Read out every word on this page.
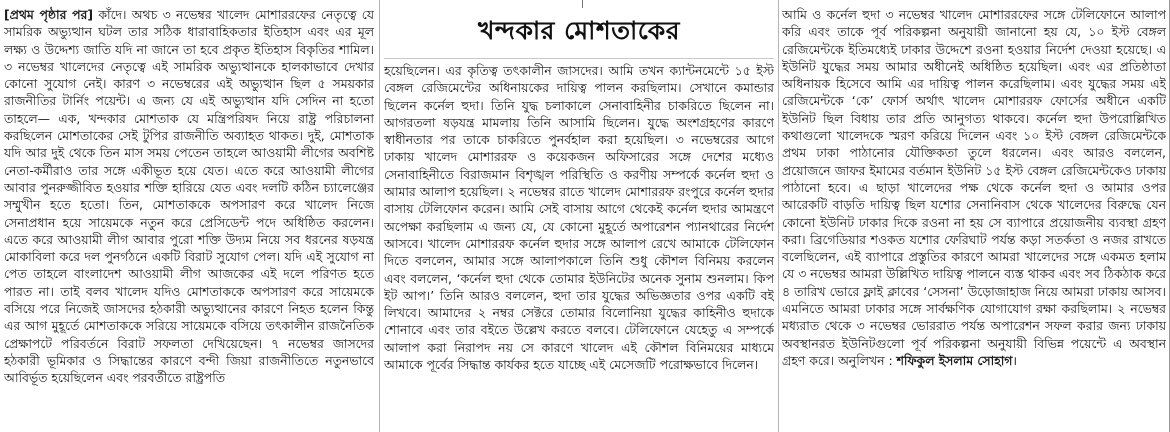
[প্রথম পৃষ্ঠার পর] কাঁদে। অথচ ৩ নভেম্বর খালেদ মোশাররফের নেতৃত্বে যে সামরিক অভ্যুত্থান ঘটল তার সঠিক ধারাবাহিকতার ইতিহাস এবং এর মূল লক্ষ্য ও উদ্দেশ্য জাতি যদি না জানে তা হবে প্রকৃত ইতিহাস বিকৃতির শামিল। ৩ নভেম্বর খালেদের নেতৃত্বে এই সামরিক অভ্যুত্থানকে হালকাভাবে দেখার কোনো সুযোগ নেই। কারণ ৩ নভেম্বরের এই অভ্যুত্থান ছিল ৫ সময়কার রাজনীতির টার্নিং পয়েন্ট। এ জন্য যে এই অভ্যুত্থান যদি সেদিন না হতো তাহলে— এক, খন্দকার মোশতাক যে মন্ত্রিপরিষদ নিয়ে রাষ্ট্র পরিচালনা করছিলেন মোশতাকের সেই টুপির রাজনীতি অব্যাহত থাকত। দুই, মোশতাক যদি আর দুই থেকে তিন মাস সময় পেতেন তাহলে আওয়ামী লীগের অবশিষ্ট নেতা-কর্মীরাও তার সঙ্গে একীভূত হয়ে যেত। এতে করে আওয়ামী লীগের আবার পুনরুজ্জীবিত হওয়ার শক্তি হারিয়ে যেত এবং দলটি কঠিন চ্যালেঞ্জের সম্মুখীন হতে হতো। তিন, মোশতাককে অপসারণ করে খালেদ নিজে সেনাপ্রধান হয়ে সায়েমকে নতুন করে প্রেসিডেন্ট পদে অধিষ্ঠিত করলেন। এতে করে আওয়ামী লীগ আবার পুরো শক্তি উদ্যম নিয়ে সব ধরনের ষড়যন্ত্র মোকাবিলা করে দল পুনর্গঠনে একটি বিরাট সুযোগ পেল। যদি এই সুযোগ না পেত তাহলে বাংলাদেশ আওয়ামী লীগ আজকের এই দলে পরিণত হতে পারত না। তাই বলব খালেদ যদিও মোশতাককে অপসারণ করে সায়েমকে বসিয়ে পরে নিজেই জাসদের হঠকারী অভ্যুত্থানের কারণে নিহত হলেন কিন্তু এর আগ মুহূর্তে মোশতাককে সরিয়ে সায়েমকে বসিয়ে তৎকালীন রাজনৈতিক প্রেক্ষাপটে পরিবর্তনে বিরাট সফলতা দেখিয়েছেন। ৭ নভেম্বর জাসদের হঠকারী ভূমিকার ও সিদ্ধান্তের কারণে বন্দী জিয়া রাজনীতিতে নতুনভাবে আবির্ভূত হয়েছিলেন এবং পরবর্তীতে রাষ্ট্রপতি

খন্দকার মোশতাকের

হয়েছিলেন। এর কৃতিত্ব তৎকালীন জাসদের। আমি তখন ক্যান্টনমেন্টে ১৫ ইস্ট বেঙ্গল রেজিমেন্টের অধিনায়কের দায়িত্ব পালন করছিলাম। সেখানে কমান্ডার ছিলেন কর্নেল হুদা। তিনি যুদ্ধ চলাকালে সেনাবাহিনীর চাকরিতে ছিলেন না। আগরতলা ষড়যন্ত্র মামলায় তিনি আসামি ছিলেন। যুদ্ধে অংশগ্রহণের কারণে স্বাধীনতার পর তাকে চাকরিতে পুনর্বহাল করা হয়েছিল। ৩ নভেম্বরের আগে ঢাকায় খালেদ মোশাররফ ও কয়েকজন অফিসারের সঙ্গে দেশের মধ্যেও সেনাবাহিনীতে বিরাজমান বিশৃঙ্খল পরিস্থিতি ও করণীয় সম্পর্কে কর্নেল হুদা ও আমার আলাপ হয়েছিল। ২ নভেম্বর রাতে খালেদ মোশাররফ রংপুরে কর্নেল হুদার বাসায় টেলিফোন করেন। আমি সেই বাসায় আগে থেকেই কর্নেল হুদার আমন্ত্রণে অপেক্ষা করছিলাম এ জন্য যে, যে কোনো মুহূর্তে অপারেশন প্যানথারের নির্দেশ আসবে। খালেদ মোশাররফ কর্নেল হুদার সঙ্গে আলাপ রেখে আমাকে টেলিফোন দিতে বললেন, আমার সঙ্গে আলাপকালে তিনি শুধু কৌশল বিনিময় করলেন এবং বললেন, ‘কর্নেল হুদা থেকে তোমার ইউনিটের অনেক সুনাম শুনলাম। কিপ ইট আপ।’ তিনি আরও বললেন, হুদা তার যুদ্ধের অভিজ্ঞতার ওপর একটি বই লিখবে। আমাদের ২ নম্বর সেক্টরে তোমার বিলোনিয়া যুদ্ধের কাহিনীও হুদাকে শোনাবে এবং তার বইতে উল্লেখ করতে বলবে। টেলিফোনে যেহেতু এ সম্পর্কে আলাপ করা নিরাপদ নয় সে কারণে খালেদ এই কৌশল বিনিময়ের মাধ্যমে আমাকে পূর্বের সিদ্ধান্ত কার্যকর হতে যাচ্ছে এই মেসেজটি পরোক্ষভাবে দিলেন।

আমি ও কর্নেল হুদা ৩ নভেম্বর খালেদ মোশাররফের সঙ্গে টেলিফোনে আলাপ করি এবং তাকে পূর্ব পরিকল্পনা অনুযায়ী জানানো হয় যে, ১০ ইস্ট বেঙ্গল রেজিমেন্টকে ইতিমধ্যেই ঢাকার উদ্দেশে রওনা হওয়ার নির্দেশ দেওয়া হয়েছে। এ ইউনিট যুদ্ধের সময় আমার অধীনেই অধিষ্ঠিত হয়েছিল। এবং এর প্রতিষ্ঠাতা অধিনায়ক হিসেবে আমি এর দায়িত্ব পালন করেছিলাম। এবং যুদ্ধের সময় এই রেজিমেন্টকে ‘কে’ ফোর্স অর্থাৎ খালেদ মোশাররফ ফোর্সের অধীনে একটি ইউনিট ছিল বিধায় তার প্রতি আনুগত্য থাকবে। কর্নেল হুদা উপরোল্লিখিত কথাগুলো খালেদকে স্মরণ করিয়ে দিলেন এবং ১০ ইস্ট বেঙ্গল রেজিমেন্টকে প্রথম ঢাকা পাঠানোর যৌক্তিকতা তুলে ধরলেন। এবং আরও বললেন, প্রয়োজনে জাফর ইমামের বর্তমান ইউনিট ১৫ ইস্ট বেঙ্গল রেজিমেন্টকেও ঢাকায় পাঠানো হবে। এ ছাড়া খালেদের পক্ষ থেকে কর্নেল হুদা ও আমার ওপর আরেকটি বাড়তি দায়িত্ব ছিল যশোর সেনানিবাস থেকে খালেদের বিরুদ্ধে যেন কোনো ইউনিট ঢাকার দিকে রওনা না হয় সে ব্যাপারে প্রয়োজনীয় ব্যবস্থা গ্রহণ করা। ব্রিগেডিয়ার শওকত যশোর ফেরিঘাট পর্যন্ত কড়া সতর্কতা ও নজর রাখতে বলেছিলেন, এই ব্যাপারে প্রস্তুতির কারণে আমরা খালেদের সঙ্গে একমত হলাম যে ৩ নভেম্বর আমরা উল্লিখিত দায়িত্ব পালনে ব্যস্ত থাকব এবং সব ঠিকঠাক করে ৪ তারিখ ভোরে ফ্লাই ক্লাবের ‘সেসনা’ উড়োজাহাজ নিয়ে আমরা ঢাকায় আসব। এমনিতে আমরা ঢাকার সঙ্গে সার্বক্ষণিক যোগাযোগ রক্ষা করছিলাম। ২ নভেম্বর মধ্যরাত থেকে ৩ নভেম্বর ভোররাত পর্যন্ত অপারেশন সফল করার জন্য ঢাকায় অবস্থানরত ইউনিটগুলো পূর্ব পরিকল্পনা অনুযায়ী বিভিন্ন পয়েন্টে এ অবস্থান গ্রহণ করে। অনুলিখন : শফিকুল ইসলাম সোহাগ।
